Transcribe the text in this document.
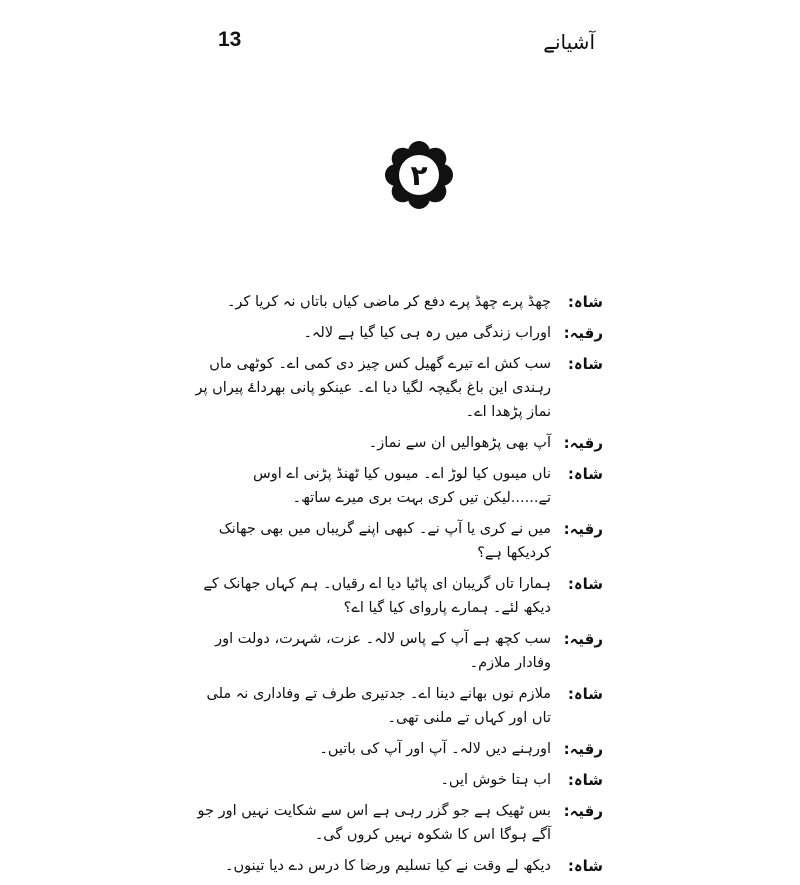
13	آشیانے
۲
شاہ:
چھڈ پرے چھڈ پرے دفع کر ماضی کیاں باتاں نہ کریا کر۔
رقیہ:
اوراب زندگی میں رہ ہی کیا گیا ہے لالہ۔
شاہ:
سب کش اے تیرے گھیل کس چیز دی کمی اے۔ کوٹھی ماں رہندی این باغ بگیچہ لگیا دیا اے۔ عینکو پانی بھرداۓ پیراں پر نماز پڑھدا اے۔
رقیہ:
آپ بھی پڑھوالیں ان سے نماز۔
شاہ:
ناں میںوں کیا لوڑ اے۔ میںوں کیا ٹھنڈ پڑنی اے اوس تے......لیکن تیں کری بہت بری میرے ساتھ۔
رقیہ:
میں نے کری یا آپ نے۔ کبھی اپنے گریباں میں بھی جھانک کردیکھا ہے؟
شاہ:
ہمارا تاں گریبان ای پاٹیا دیا اے رقیاں۔ ہم کہاں جھانک کے دیکھ لئے۔ ہمارے پاروای کیا گیا اے؟
رقیہ:
سب کچھ ہے آپ کے پاس لالہ۔ عزت، شہرت، دولت اور وفادار ملازم۔
شاہ:
ملازم نوں بھانے دینا اے۔ جدتیری طرف تے وفاداری نہ ملی تاں اور کہاں تے ملنی تھی۔
رقیہ:
اورہنے دیں لالہ۔ آپ اور آپ کی باتیں۔
شاہ:
اب ہتا خوش ایں۔
رقیہ:
بس ٹھیک ہے جو گزر رہی ہے اس سے شکایت نہیں اور جو آگے ہوگا اس کا شکوہ نہیں کروں گی۔
شاہ:
دیکھ لے وقت نے کیا تسلیم ورضا کا درس دے دیا تینوں۔
